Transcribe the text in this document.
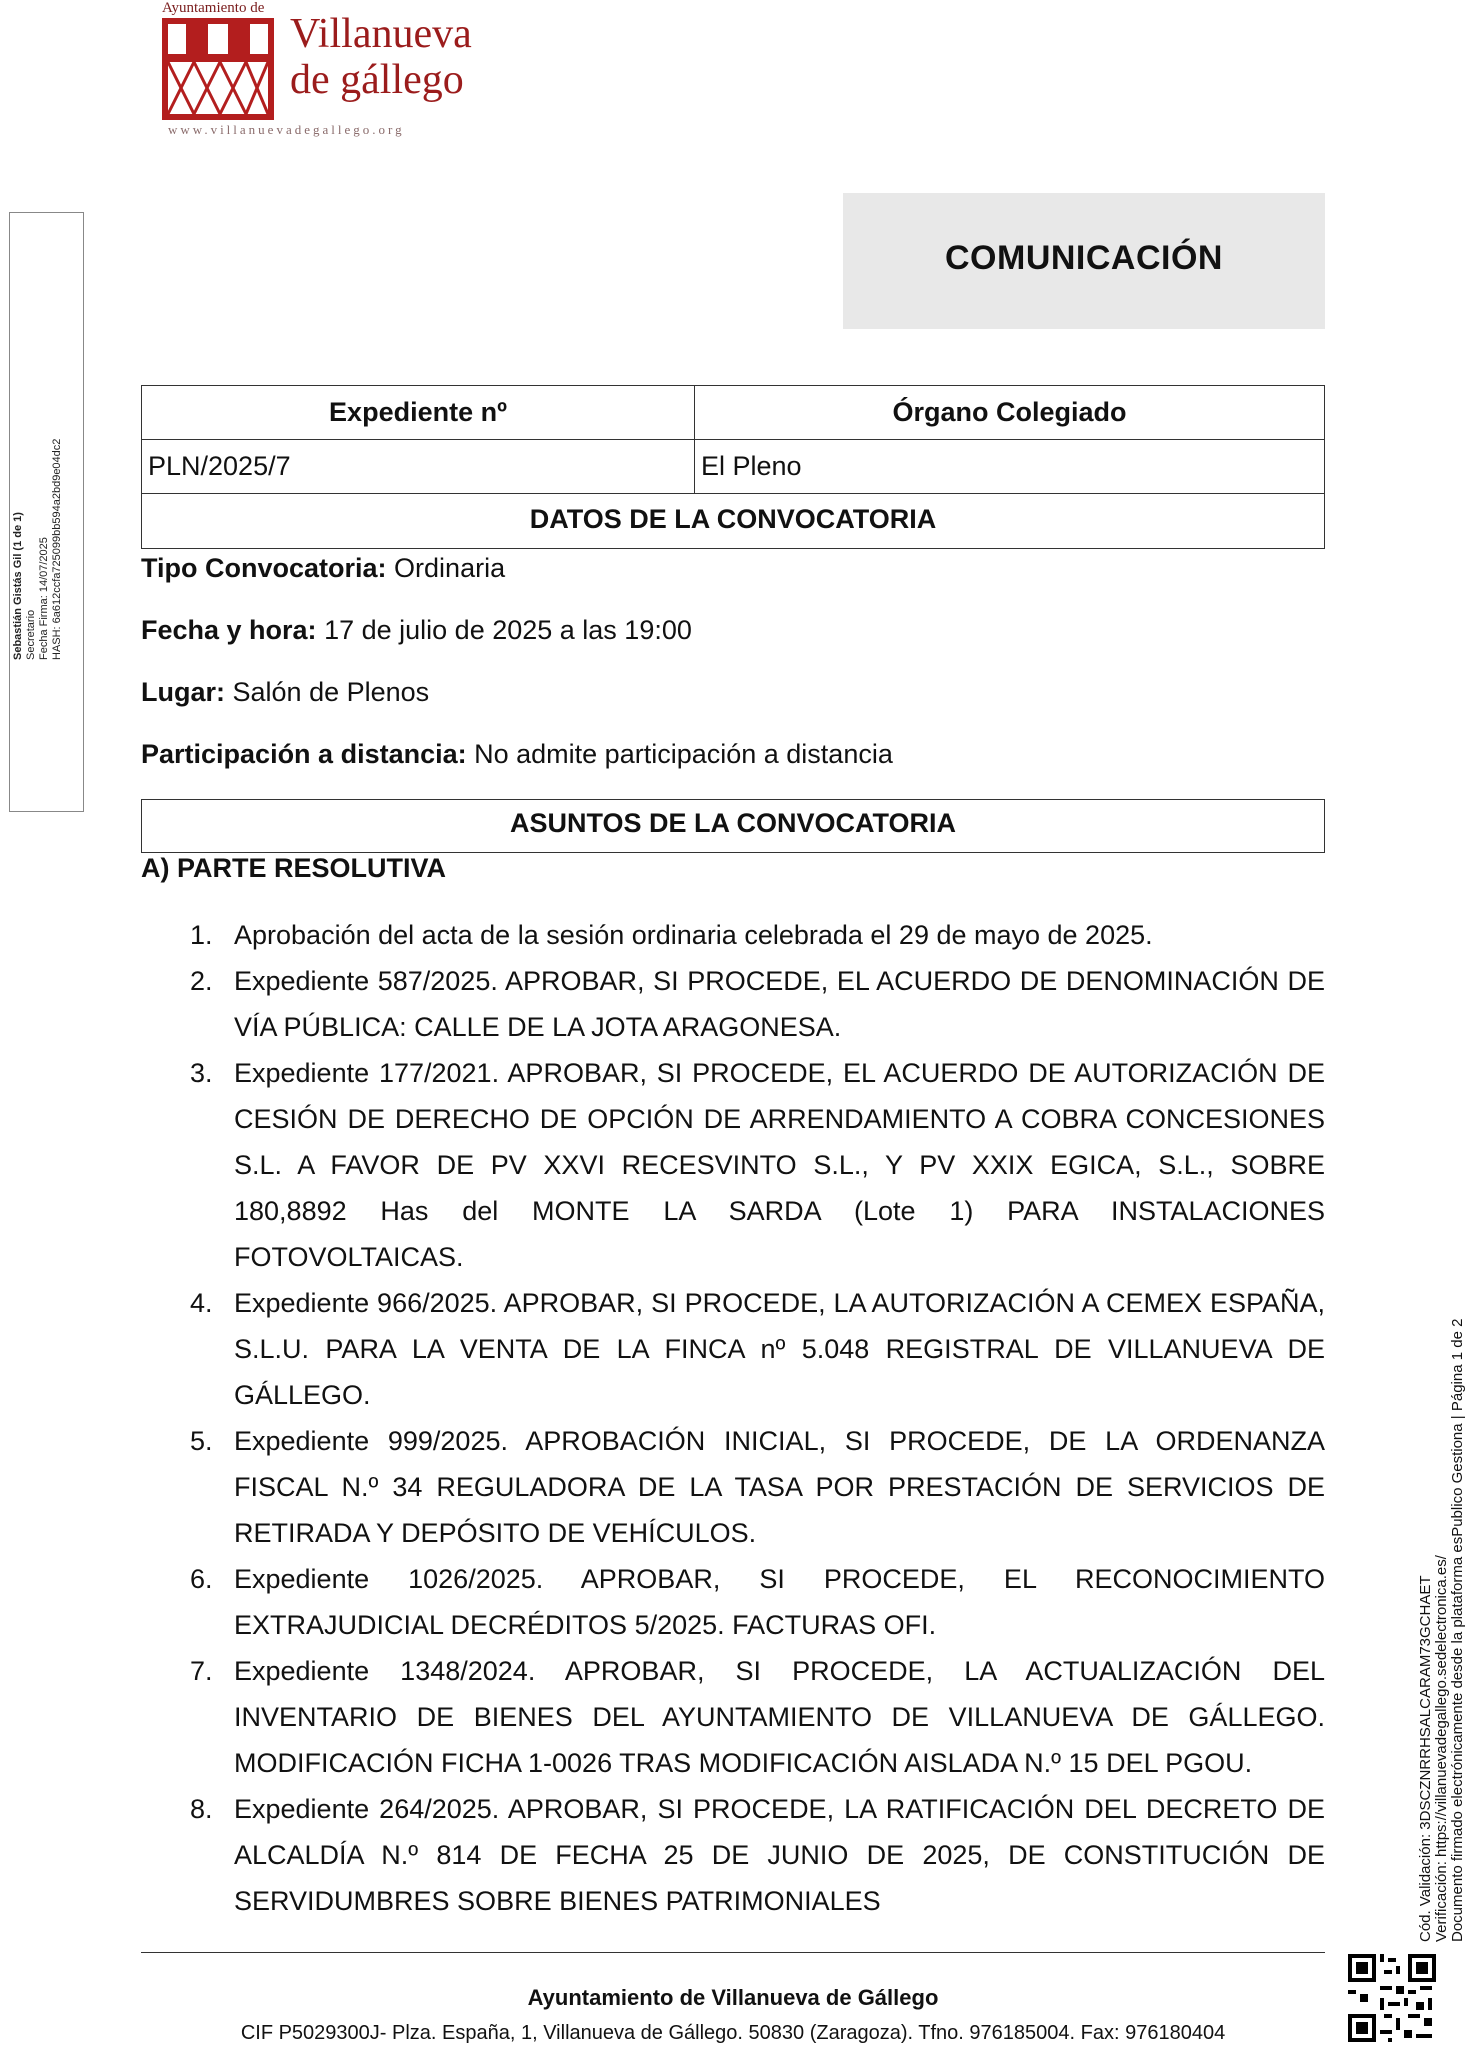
Ayuntamiento de
Villanueva
de gállego
www.villanuevadegallego.org
Sebastián Gistás Gil (1 de 1) Secretario Fecha Firma: 14/07/2025 HASH: 6a612ccfa725099bb594a2bd9e04dc2
COMUNICACIÓN
Expediente nº	Órgano Colegiado
PLN/2025/7	El Pleno
DATOS DE LA CONVOCATORIA
Tipo Convocatoria: Ordinaria
Fecha y hora: 17 de julio de 2025 a las 19:00
Lugar: Salón de Plenos
Participación a distancia: No admite participación a distancia
ASUNTOS DE LA CONVOCATORIA
A) PARTE RESOLUTIVA
1. Aprobación del acta de la sesión ordinaria celebrada el 29 de mayo de 2025.
2. Expediente 587/2025. APROBAR, SI PROCEDE, EL ACUERDO DE DENOMINACIÓN DE VÍA PÚBLICA: CALLE DE LA JOTA ARAGONESA.
3. Expediente 177/2021. APROBAR, SI PROCEDE, EL ACUERDO DE AUTORIZACIÓN DE CESIÓN DE DERECHO DE OPCIÓN DE ARRENDAMIENTO A COBRA CONCESIONES S.L. A FAVOR DE PV XXVI RECESVINTO S.L., Y PV XXIX EGICA, S.L., SOBRE 180,8892 Has del MONTE LA SARDA (Lote 1) PARA INSTALACIONES FOTOVOLTAICAS.
4. Expediente 966/2025. APROBAR, SI PROCEDE, LA AUTORIZACIÓN A CEMEX ESPAÑA, S.L.U. PARA LA VENTA DE LA FINCA nº 5.048 REGISTRAL DE VILLANUEVA DE GÁLLEGO.
5. Expediente 999/2025. APROBACIÓN INICIAL, SI PROCEDE, DE LA ORDENANZA FISCAL N.º 34 REGULADORA DE LA TASA POR PRESTACIÓN DE SERVICIOS DE RETIRADA Y DEPÓSITO DE VEHÍCULOS.
6. Expediente 1026/2025. APROBAR, SI PROCEDE, EL RECONOCIMIENTO EXTRAJUDICIAL DECRÉDITOS 5/2025. FACTURAS OFI.
7. Expediente 1348/2024. APROBAR, SI PROCEDE, LA ACTUALIZACIÓN DEL INVENTARIO DE BIENES DEL AYUNTAMIENTO DE VILLANUEVA DE GÁLLEGO. MODIFICACIÓN FICHA 1-0026 TRAS MODIFICACIÓN AISLADA N.º 15 DEL PGOU.
8. Expediente 264/2025. APROBAR, SI PROCEDE, LA RATIFICACIÓN DEL DECRETO DE ALCALDÍA N.º 814 DE FECHA 25 DE JUNIO DE 2025, DE CONSTITUCIÓN DE SERVIDUMBRES SOBRE BIENES PATRIMONIALES	Cód. Validación: 3DSCZNRRHSALCARAM73GCHAET Verificación: https://villanuevadegallego.sedelectronica.es/ Documento firmado electrónicamente desde la plataforma esPublico Gestiona | Página 1 de 2
Ayuntamiento de Villanueva de Gállego
CIF P5029300J- Plza. España, 1, Villanueva de Gállego. 50830 (Zaragoza). Tfno. 976185004. Fax: 976180404
